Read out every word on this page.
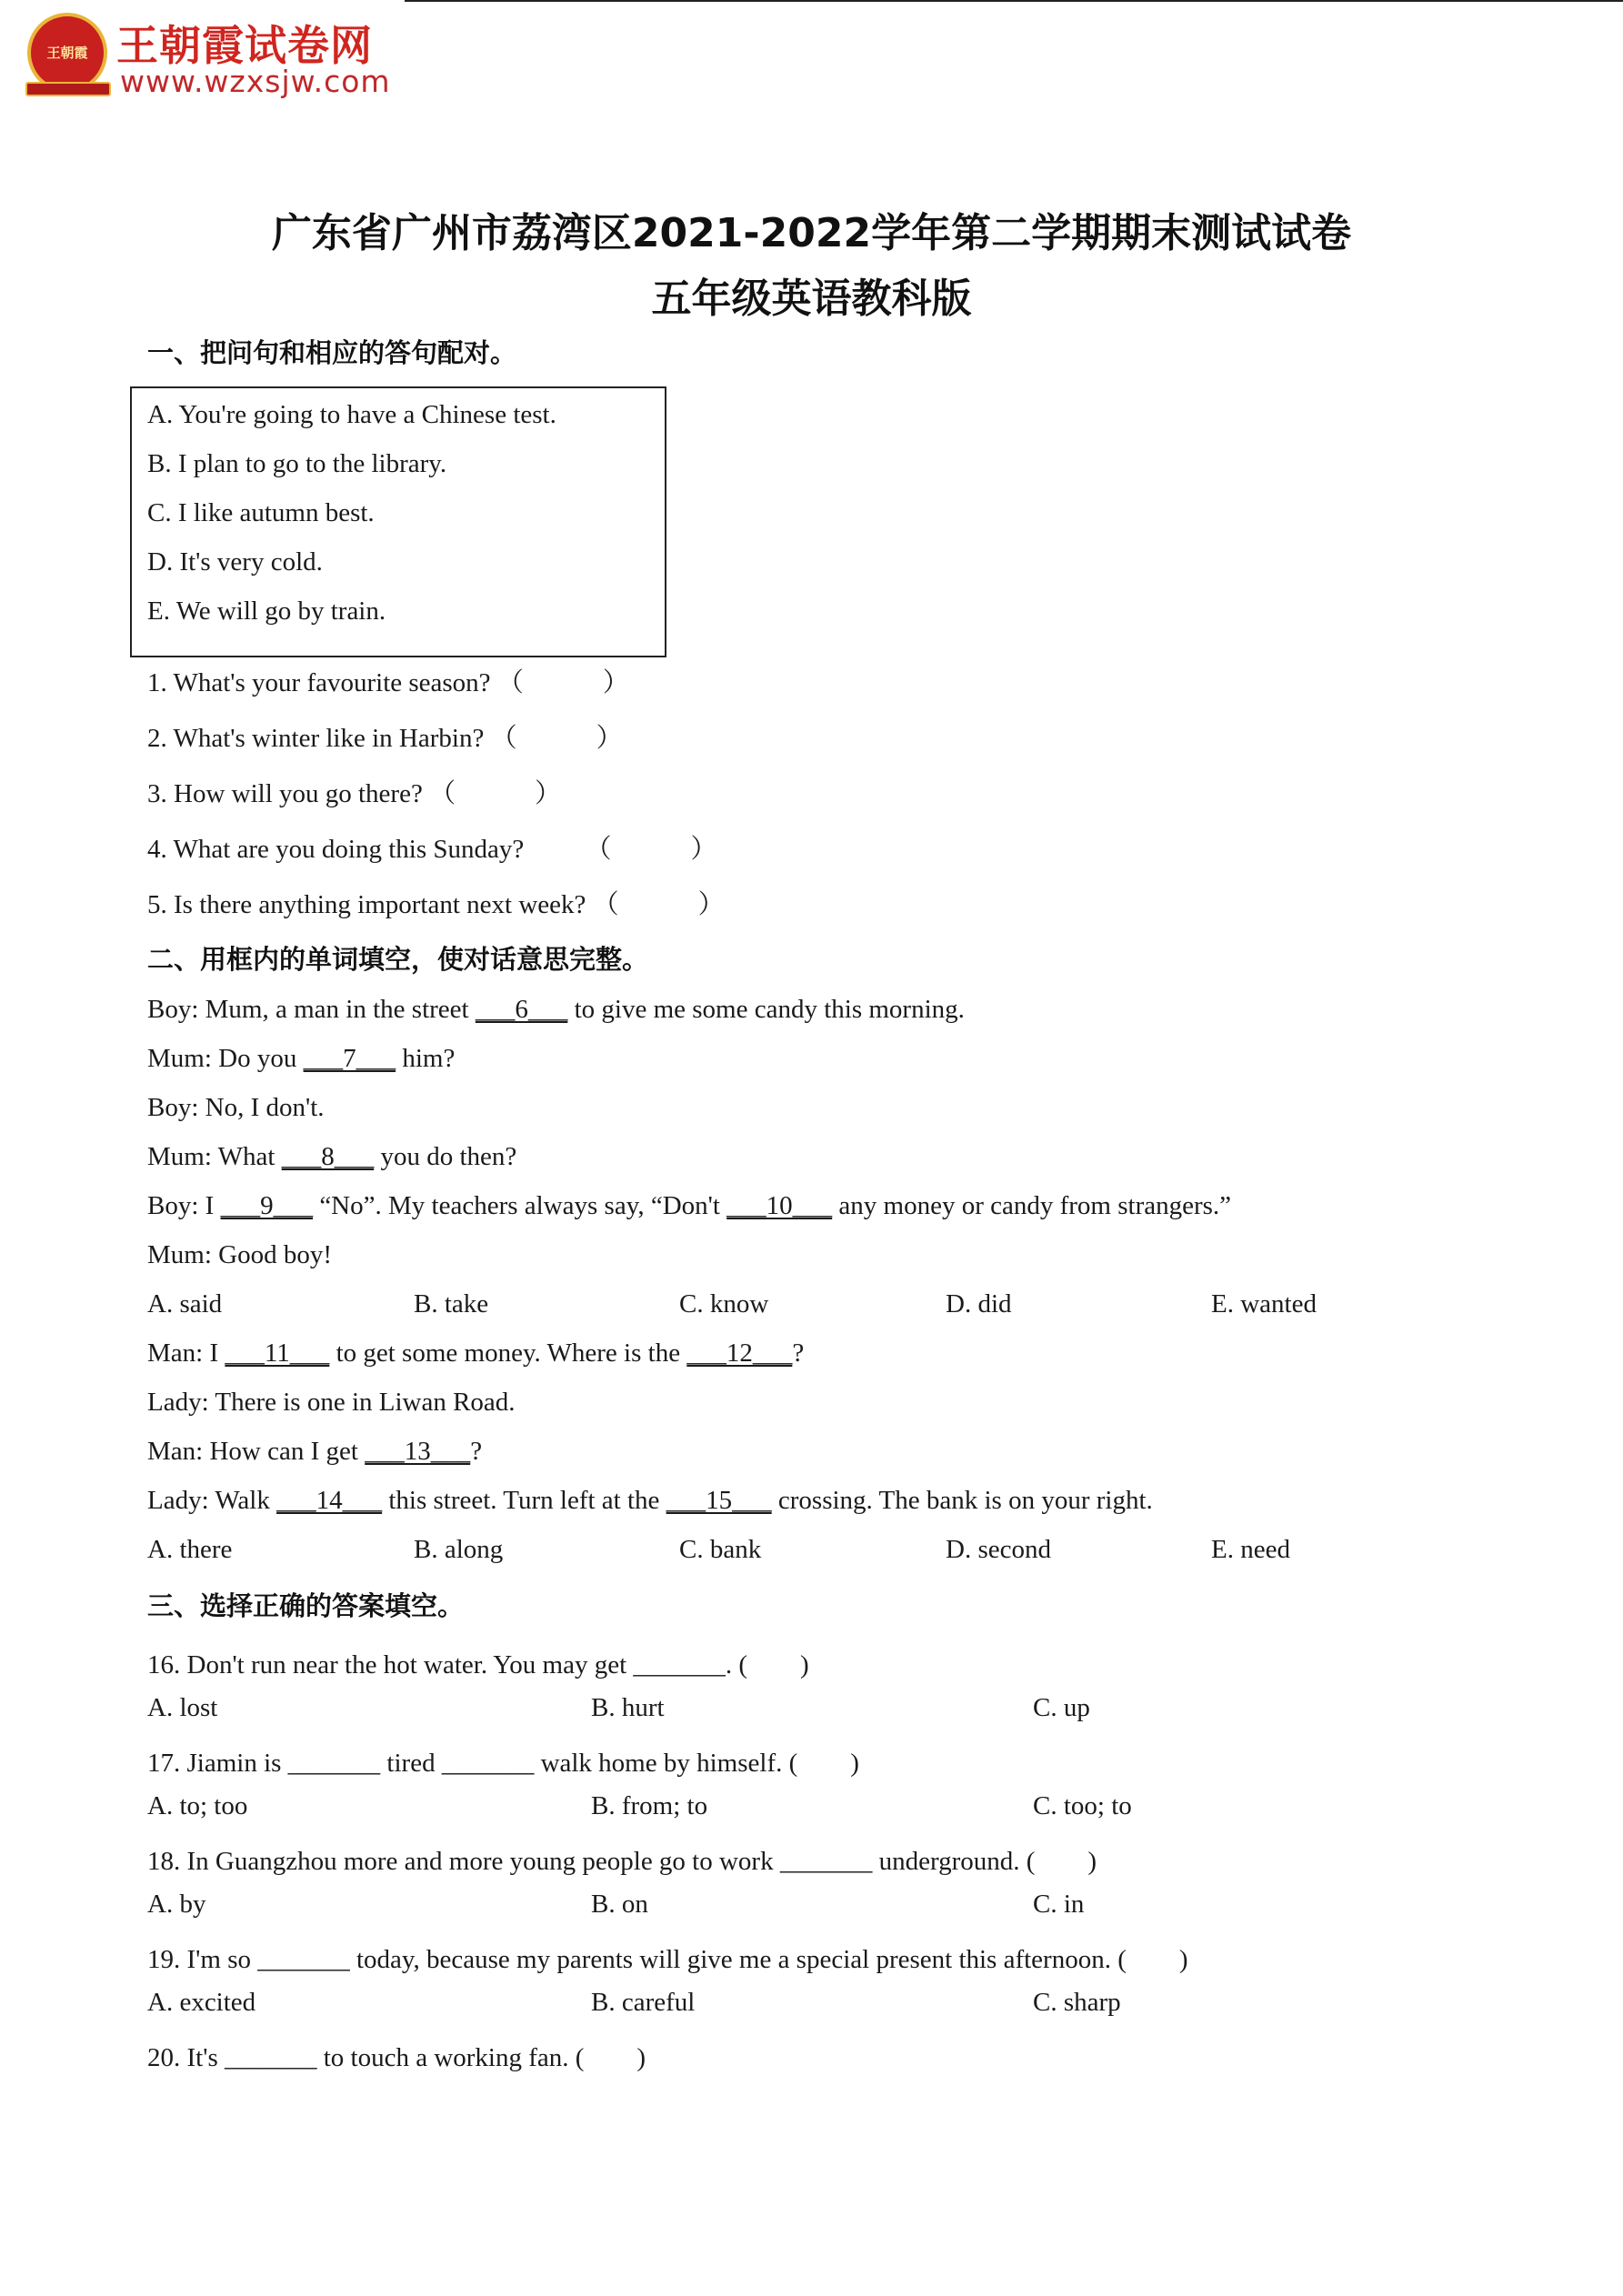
王朝霞 王朝霞试卷网
www.wzxsjw.com
广东省广州市荔湾区2021-2022学年第二学期期末测试试卷
五年级英语教科版
一、把问句和相应的答句配对。
A. You're going to have a Chinese test.
B. I plan to go to the library.
C. I like autumn best.
D. It's very cold.
E. We will go by train.
1. What's your favourite season? （　　　）
2. What's winter like in Harbin? （　　　）
3. How will you go there? （　　　）
4. What are you doing this Sunday? （　　　）
5. Is there anything important next week? （　　　）
二、用框内的单词填空，使对话意思完整。
Boy: Mum, a man in the street ___6___ to give me some candy this morning.
Mum: Do you ___7___ him?
Boy: No, I don't.
Mum: What ___8___ you do then?
Boy: I ___9___ “No”. My teachers always say, “Don't ___10___ any money or candy from strangers.”
Mum: Good boy!
A. said	B. take	C. know	D. did	E. wanted
Man: I ___11___ to get some money. Where is the ___12___?
Lady: There is one in Liwan Road.
Man: How can I get ___13___?
Lady: Walk ___14___ this street. Turn left at the ___15___ crossing. The bank is on your right.
A. there	B. along	C. bank	D. second	E. need
三、选择正确的答案填空。
16. Don't run near the hot water. You may get _______. (　　)
A. lost	B. hurt	C. up
17. Jiamin is _______ tired _______ walk home by himself. (　　)
A. to; too	B. from; to	C. too; to
18. In Guangzhou more and more young people go to work _______ underground. (　　)
A. by	B. on	C. in
19. I'm so _______ today, because my parents will give me a special present this afternoon. (　　)
A. excited	B. careful	C. sharp
20. It's _______ to touch a working fan. (　　)
